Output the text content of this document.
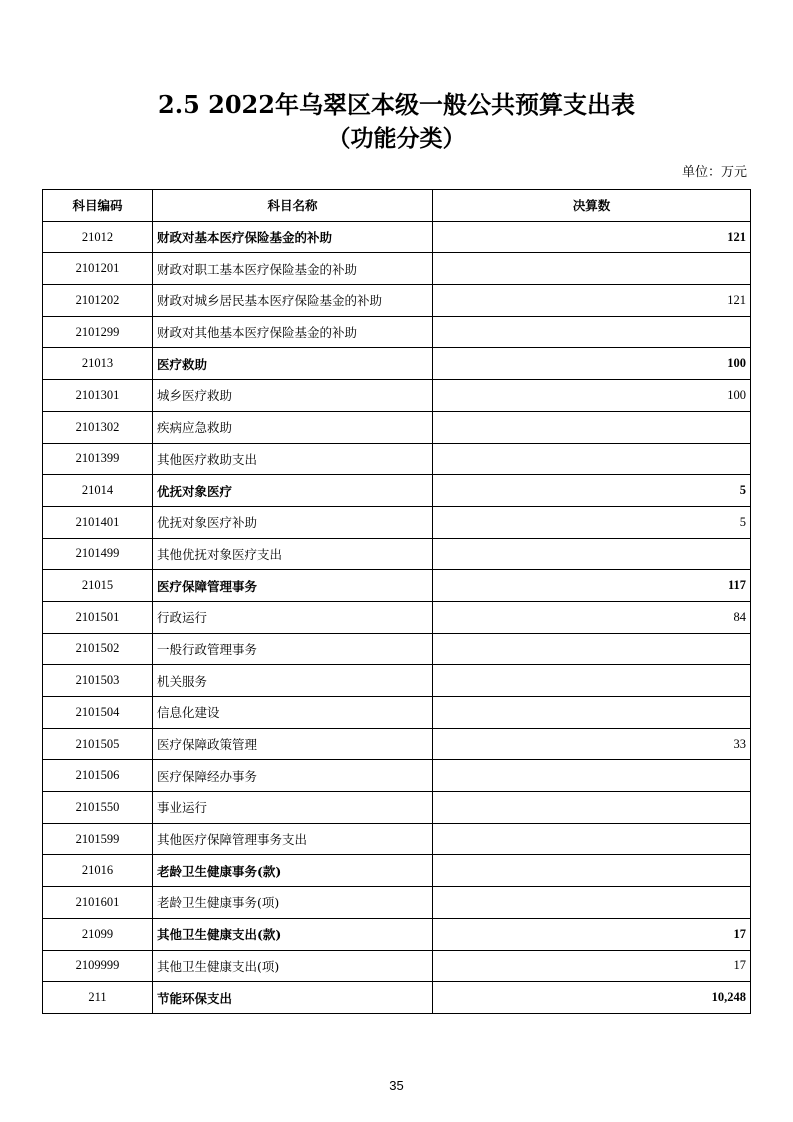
2.5 2022年乌翠区本级一般公共预算支出表
（功能分类）
单位：万元
科目编码	科目名称	决算数
21012	财政对基本医疗保险基金的补助	121
2101201	财政对职工基本医疗保险基金的补助	
2101202	财政对城乡居民基本医疗保险基金的补助	121
2101299	财政对其他基本医疗保险基金的补助	
21013	医疗救助	100
2101301	城乡医疗救助	100
2101302	疾病应急救助	
2101399	其他医疗救助支出	
21014	优抚对象医疗	5
2101401	优抚对象医疗补助	5
2101499	其他优抚对象医疗支出	
21015	医疗保障管理事务	117
2101501	行政运行	84
2101502	一般行政管理事务	
2101503	机关服务	
2101504	信息化建设	
2101505	医疗保障政策管理	33
2101506	医疗保障经办事务	
2101550	事业运行	
2101599	其他医疗保障管理事务支出	
21016	老龄卫生健康事务(款)	
2101601	老龄卫生健康事务(项)	
21099	其他卫生健康支出(款)	17
2109999	其他卫生健康支出(项)	17
211	节能环保支出	10,248
35
